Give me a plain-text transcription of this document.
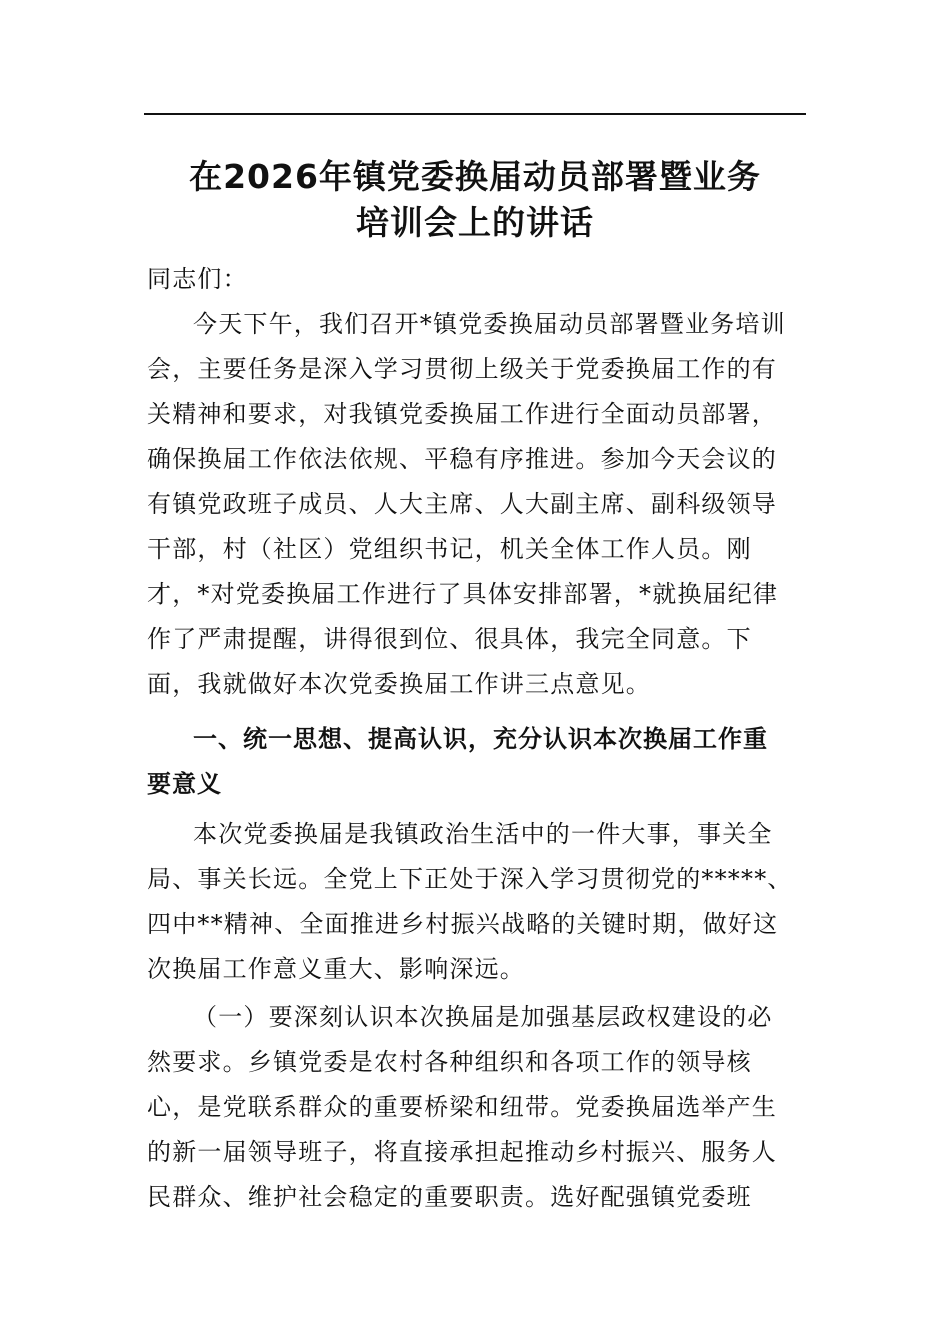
在2026年镇党委换届动员部署暨业务
培训会上的讲话
同志们：
今天下午，我们召开*镇党委换届动员部署暨业务培训
会，主要任务是深入学习贯彻上级关于党委换届工作的有
关精神和要求，对我镇党委换届工作进行全面动员部署，
确保换届工作依法依规、平稳有序推进。参加今天会议的
有镇党政班子成员、人大主席、人大副主席、副科级领导
干部，村（社区）党组织书记，机关全体工作人员。刚
才，*对党委换届工作进行了具体安排部署，*就换届纪律
作了严肃提醒，讲得很到位、很具体，我完全同意。下
面，我就做好本次党委换届工作讲三点意见。
一、统一思想、提高认识，充分认识本次换届工作重
要意义
本次党委换届是我镇政治生活中的一件大事，事关全
局、事关长远。全党上下正处于深入学习贯彻党的*****、
四中**精神、全面推进乡村振兴战略的关键时期，做好这
次换届工作意义重大、影响深远。
（一）要深刻认识本次换届是加强基层政权建设的必
然要求。乡镇党委是农村各种组织和各项工作的领导核
心，是党联系群众的重要桥梁和纽带。党委换届选举产生
的新一届领导班子，将直接承担起推动乡村振兴、服务人
民群众、维护社会稳定的重要职责。选好配强镇党委班
